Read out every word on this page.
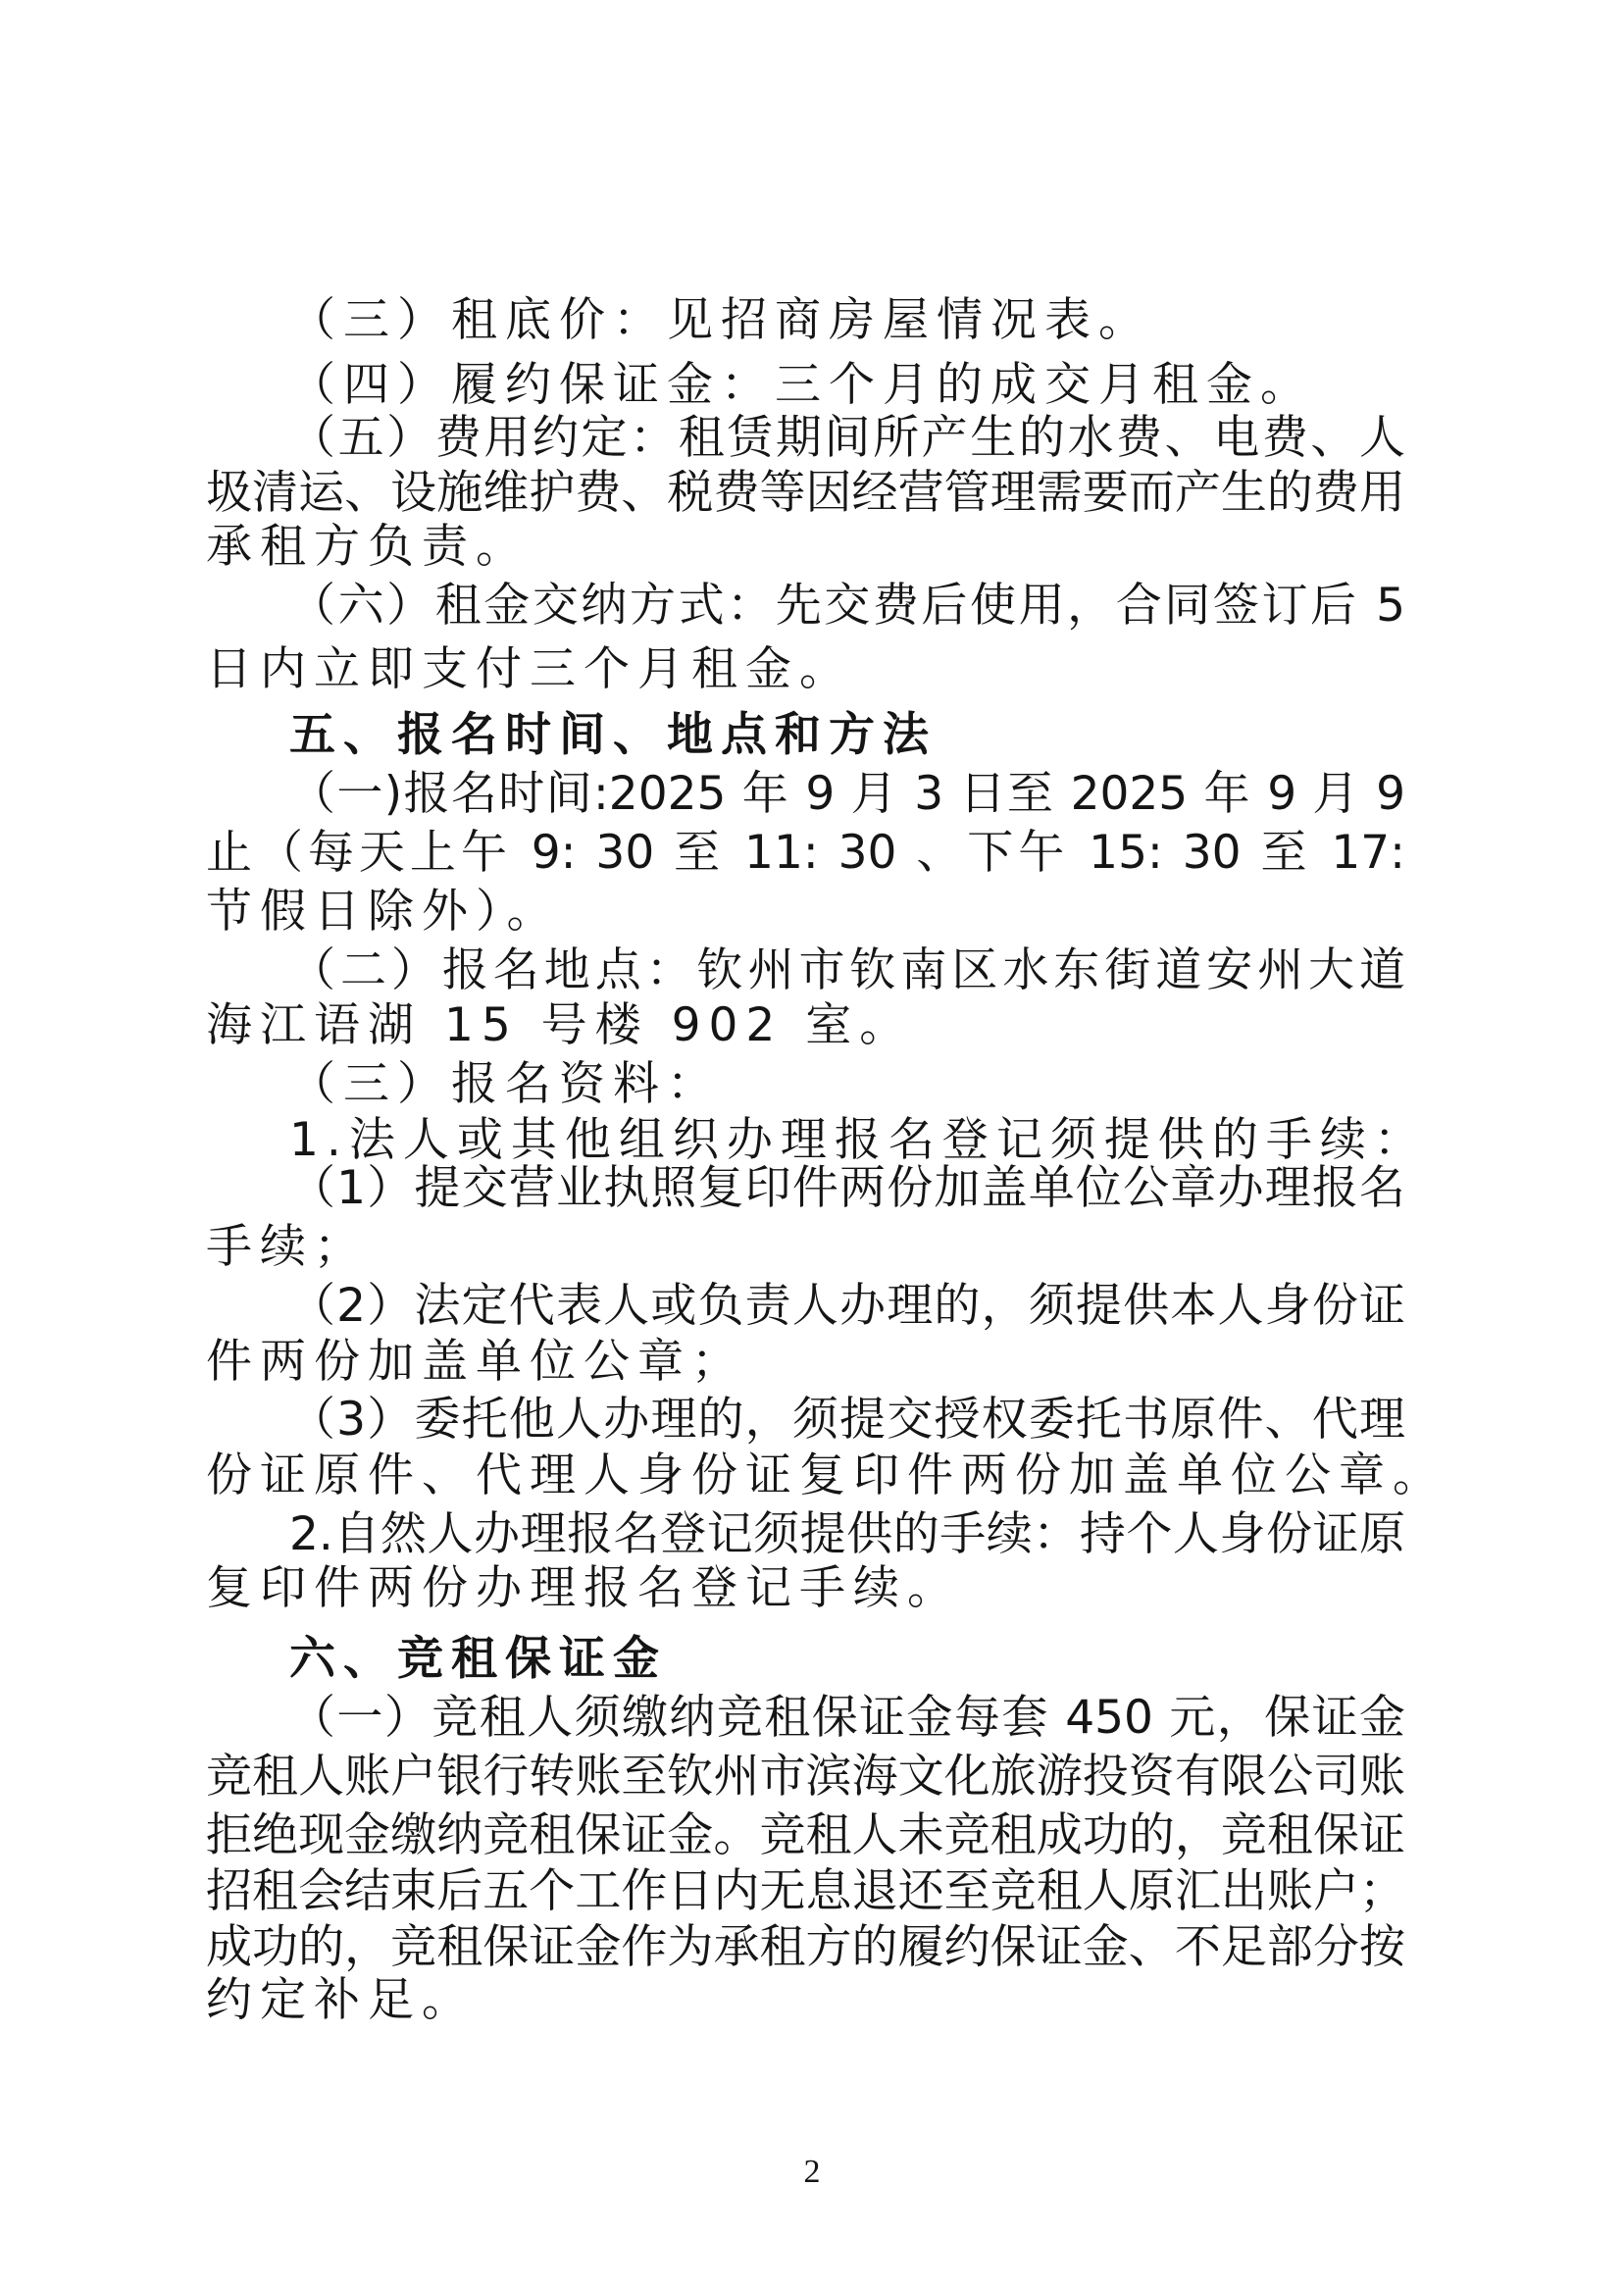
（三）租底价：见招商房屋情况表。
（四）履约保证金：三个月的成交月租金。
（五）费用约定：租赁期间所产生的水费、电费、人
圾清运、设施维护费、税费等因经营管理需要而产生的费用
承租方负责。
（六）租金交纳方式：先交费后使用，合同签订后 5
日内立即支付三个月租金。
五、报名时间、地点和方法
（一)报名时间:2025 年 9 月 3 日至 2025 年 9 月 9
止（每天上午 9: 30 至 11: 30 、下午 15: 30 至 17:
节假日除外）。
（二）报名地点：钦州市钦南区水东街道安州大道
海江语湖 15 号楼 902 室。
（三）报名资料：
1.法人或其他组织办理报名登记须提供的手续：
（1）提交营业执照复印件两份加盖单位公章办理报名
手续；
（2）法定代表人或负责人办理的，须提供本人身份证
件两份加盖单位公章；
（3）委托他人办理的，须提交授权委托书原件、代理
份证原件、代理人身份证复印件两份加盖单位公章。
2.自然人办理报名登记须提供的手续：持个人身份证原
复印件两份办理报名登记手续。
六、竞租保证金
（一）竞租人须缴纳竞租保证金每套 450 元，保证金
竞租人账户银行转账至钦州市滨海文化旅游投资有限公司账
拒绝现金缴纳竞租保证金。竞租人未竞租成功的，竞租保证
招租会结束后五个工作日内无息退还至竞租人原汇出账户；
成功的，竞租保证金作为承租方的履约保证金、不足部分按
约定补足。
2
